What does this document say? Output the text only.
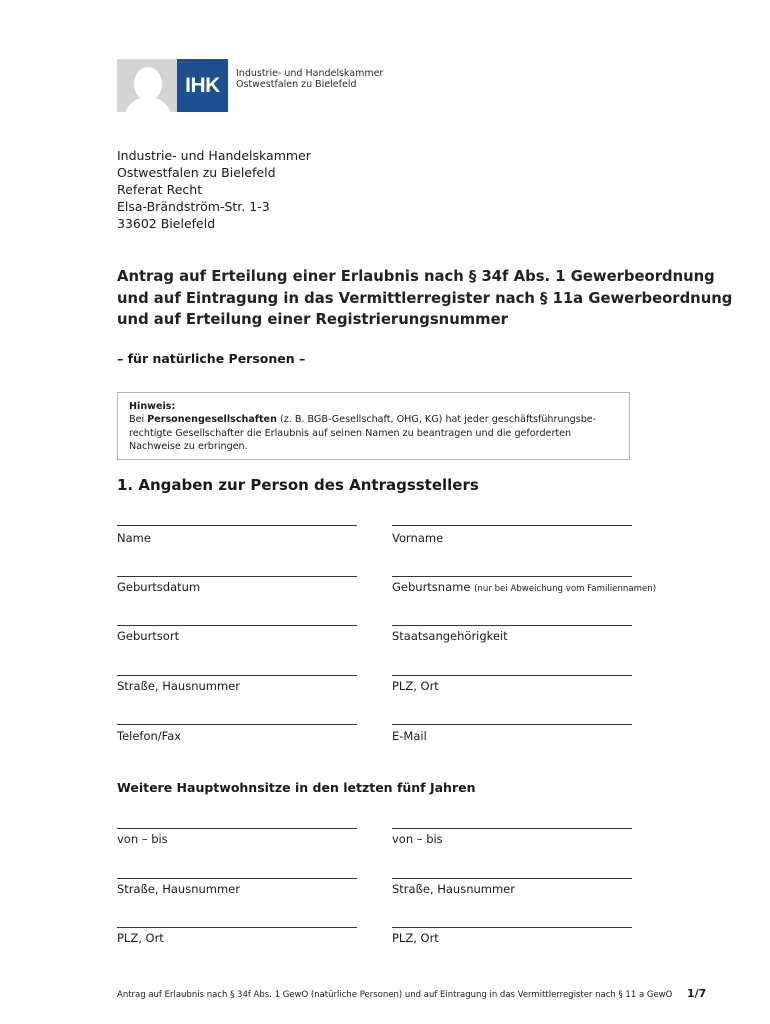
IHK
Industrie- und Handelskammer
Ostwestfalen zu Bielefeld
Industrie- und Handelskammer
Ostwestfalen zu Bielefeld
Referat Recht
Elsa-Brändström-Str. 1-3
33602 Bielefeld
Antrag auf Erteilung einer Erlaubnis nach § 34f Abs. 1 Gewerbeordnung
und auf Eintragung in das Vermittlerregister nach § 11a Gewerbeordnung
und auf Erteilung einer Registrierungsnummer
– für natürliche Personen –
Hinweis:
Bei Personengesellschaften (z. B. BGB-Gesellschaft, OHG, KG) hat jeder geschäftsführungsbe-rechtigte Gesellschafter die Erlaubnis auf seinen Namen zu beantragen und die geforderten Nachweise zu erbringen.
1. Angaben zur Person des Antragsstellers
Name	Vorname
Geburtsdatum	Geburtsname (nur bei Abweichung vom Familiennamen)
Geburtsort	Staatsangehörigkeit
Straße, Hausnummer	PLZ, Ort
Telefon/Fax	E-Mail
Weitere Hauptwohnsitze in den letzten fünf Jahren
von – bis	von – bis
Straße, Hausnummer	Straße, Hausnummer
PLZ, Ort	PLZ, Ort
Antrag auf Erlaubnis nach § 34f Abs. 1 GewO (natürliche Personen) und auf Eintragung in das Vermittlerregister nach § 11 a GewO 1/7
